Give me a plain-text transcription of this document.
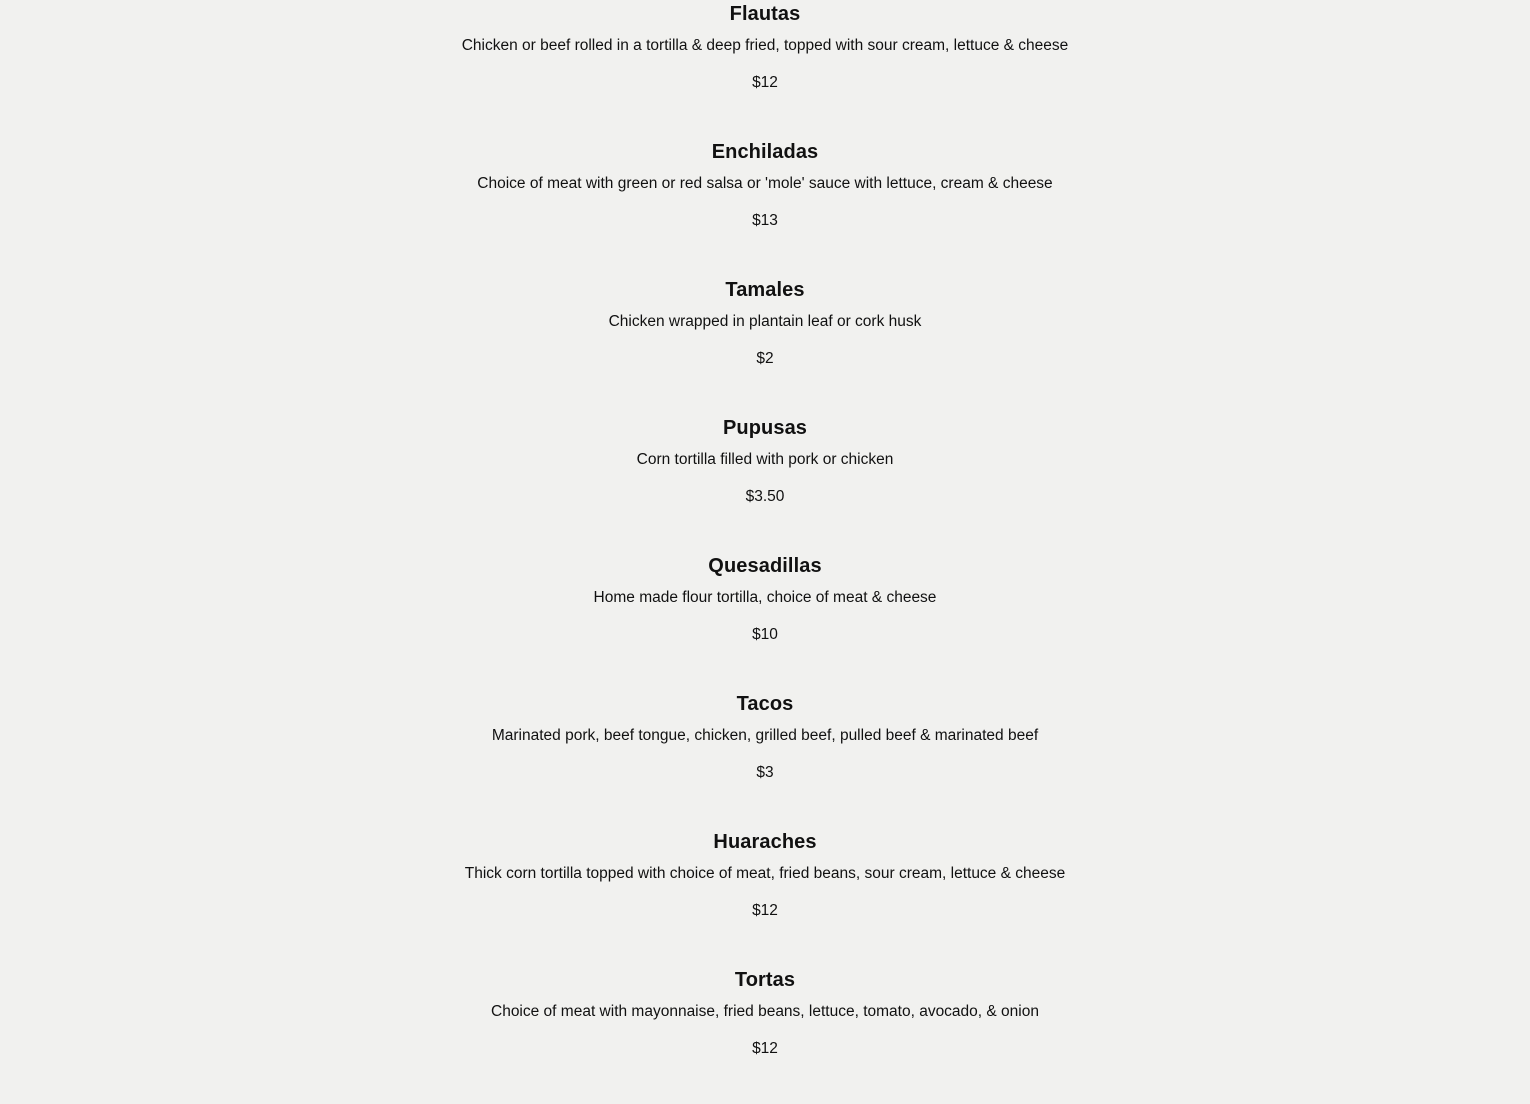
Flautas
Chicken or beef rolled in a tortilla & deep fried, topped with sour cream, lettuce & cheese
$12
Enchiladas
Choice of meat with green or red salsa or 'mole' sauce with lettuce, cream & cheese
$13
Tamales
Chicken wrapped in plantain leaf or cork husk
$2
Pupusas
Corn tortilla filled with pork or chicken
$3.50
Quesadillas
Home made flour tortilla, choice of meat & cheese
$10
Tacos
Marinated pork, beef tongue, chicken, grilled beef, pulled beef & marinated beef
$3
Huaraches
Thick corn tortilla topped with choice of meat, fried beans, sour cream, lettuce & cheese
$12
Tortas
Choice of meat with mayonnaise, fried beans, lettuce, tomato, avocado, & onion
$12
